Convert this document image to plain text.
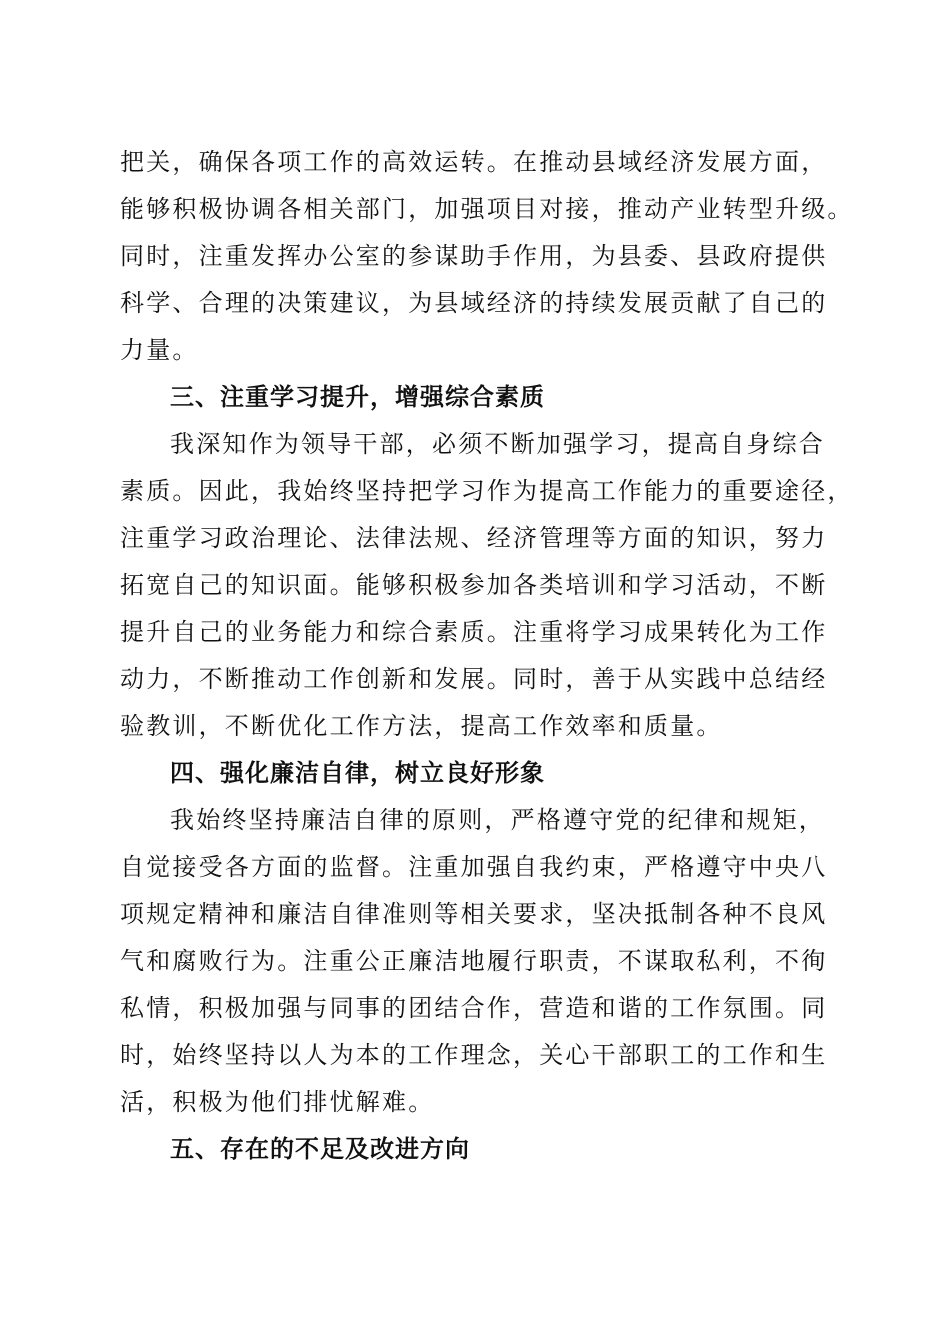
把关，确保各项工作的高效运转。在推动县域经济发展方面，
能够积极协调各相关部门，加强项目对接，推动产业转型升级。
同时，注重发挥办公室的参谋助手作用，为县委、县政府提供
科学、合理的决策建议，为县域经济的持续发展贡献了自己的
力量。
三、注重学习提升，增强综合素质
我深知作为领导干部，必须不断加强学习，提高自身综合
素质。因此，我始终坚持把学习作为提高工作能力的重要途径，
注重学习政治理论、法律法规、经济管理等方面的知识，努力
拓宽自己的知识面。能够积极参加各类培训和学习活动，不断
提升自己的业务能力和综合素质。注重将学习成果转化为工作
动力，不断推动工作创新和发展。同时，善于从实践中总结经
验教训，不断优化工作方法，提高工作效率和质量。
四、强化廉洁自律，树立良好形象
我始终坚持廉洁自律的原则，严格遵守党的纪律和规矩，
自觉接受各方面的监督。注重加强自我约束，严格遵守中央八
项规定精神和廉洁自律准则等相关要求，坚决抵制各种不良风
气和腐败行为。注重公正廉洁地履行职责，不谋取私利，不徇
私情，积极加强与同事的团结合作，营造和谐的工作氛围。同
时，始终坚持以人为本的工作理念，关心干部职工的工作和生
活，积极为他们排忧解难。
五、存在的不足及改进方向
